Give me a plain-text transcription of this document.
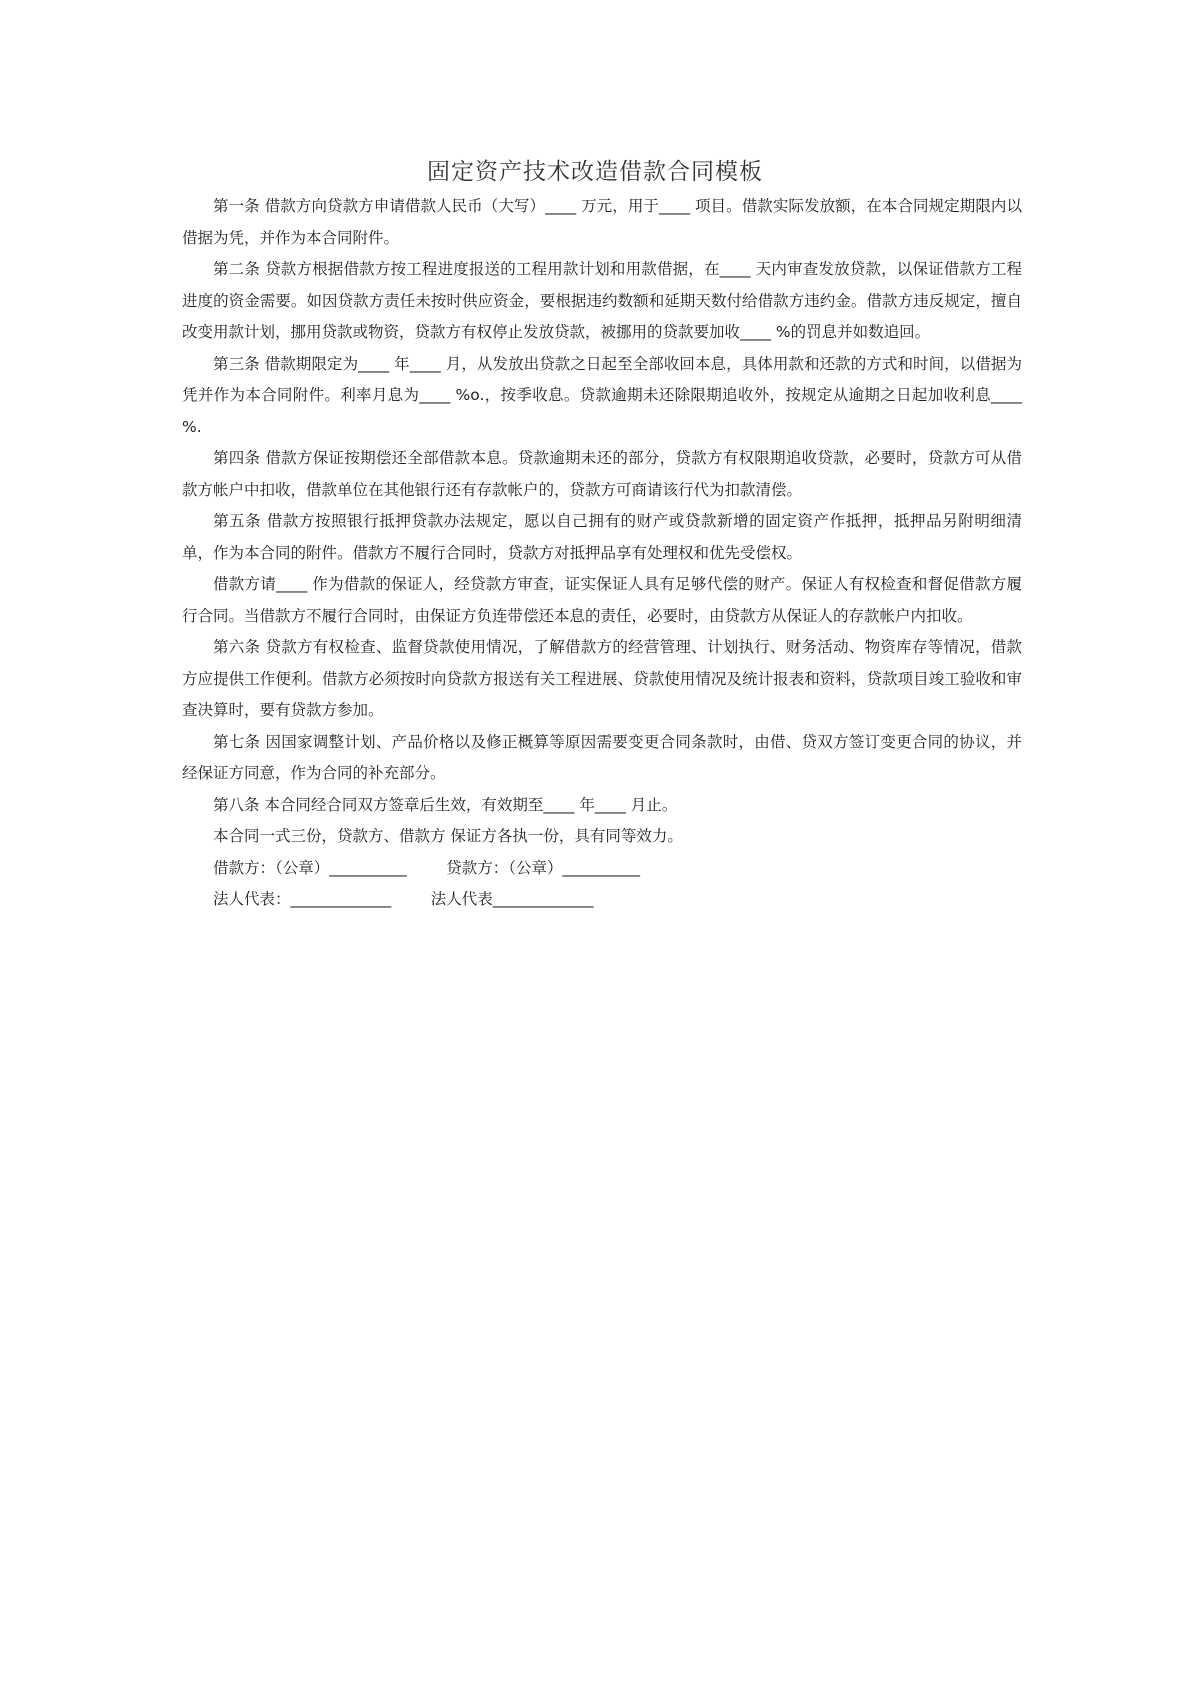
固定资产技术改造借款合同模板

第一条 借款方向贷款方申请借款人民币（大写）____ 万元，用于____ 项目。借款实际发放额，在本合同规定期限内以借据为凭，并作为本合同附件。

第二条 贷款方根据借款方按工程进度报送的工程用款计划和用款借据，在____ 天内审查发放贷款，以保证借款方工程进度的资金需要。如因贷款方责任未按时供应资金，要根据违约数额和延期天数付给借款方违约金。借款方违反规定，擅自改变用款计划，挪用贷款或物资，贷款方有权停止发放贷款，被挪用的贷款要加收____ %的罚息并如数追回。

第三条 借款期限定为____ 年____ 月，从发放出贷款之日起至全部收回本息，具体用款和还款的方式和时间，以借据为凭并作为本合同附件。利率月息为____ %o.，按季收息。贷款逾期未还除限期追收外，按规定从逾期之日起加收利息____ %.

第四条 借款方保证按期偿还全部借款本息。贷款逾期未还的部分，贷款方有权限期追收贷款，必要时，贷款方可从借款方帐户中扣收，借款单位在其他银行还有存款帐户的，贷款方可商请该行代为扣款清偿。

第五条 借款方按照银行抵押贷款办法规定，愿以自己拥有的财产或贷款新增的固定资产作抵押，抵押品另附明细清单，作为本合同的附件。借款方不履行合同时，贷款方对抵押品享有处理权和优先受偿权。

借款方请____ 作为借款的保证人，经贷款方审查，证实保证人具有足够代偿的财产。保证人有权检查和督促借款方履行合同。当借款方不履行合同时，由保证方负连带偿还本息的责任，必要时，由贷款方从保证人的存款帐户内扣收。

第六条 贷款方有权检查、监督贷款使用情况，了解借款方的经营管理、计划执行、财务活动、物资库存等情况，借款方应提供工作便利。借款方必须按时向贷款方报送有关工程进展、贷款使用情况及统计报表和资料，贷款项目竣工验收和审查决算时，要有贷款方参加。

第七条 因国家调整计划、产品价格以及修正概算等原因需要变更合同条款时，由借、贷双方签订变更合同的协议，并经保证方同意，作为合同的补充部分。

第八条 本合同经合同双方签章后生效，有效期至____ 年____ 月止。

本合同一式三份，贷款方、借款方 保证方各执一份，具有同等效力。

借款方：（公章）__________	贷款方：（公章）__________

法人代表：_____________	法人代表_____________
